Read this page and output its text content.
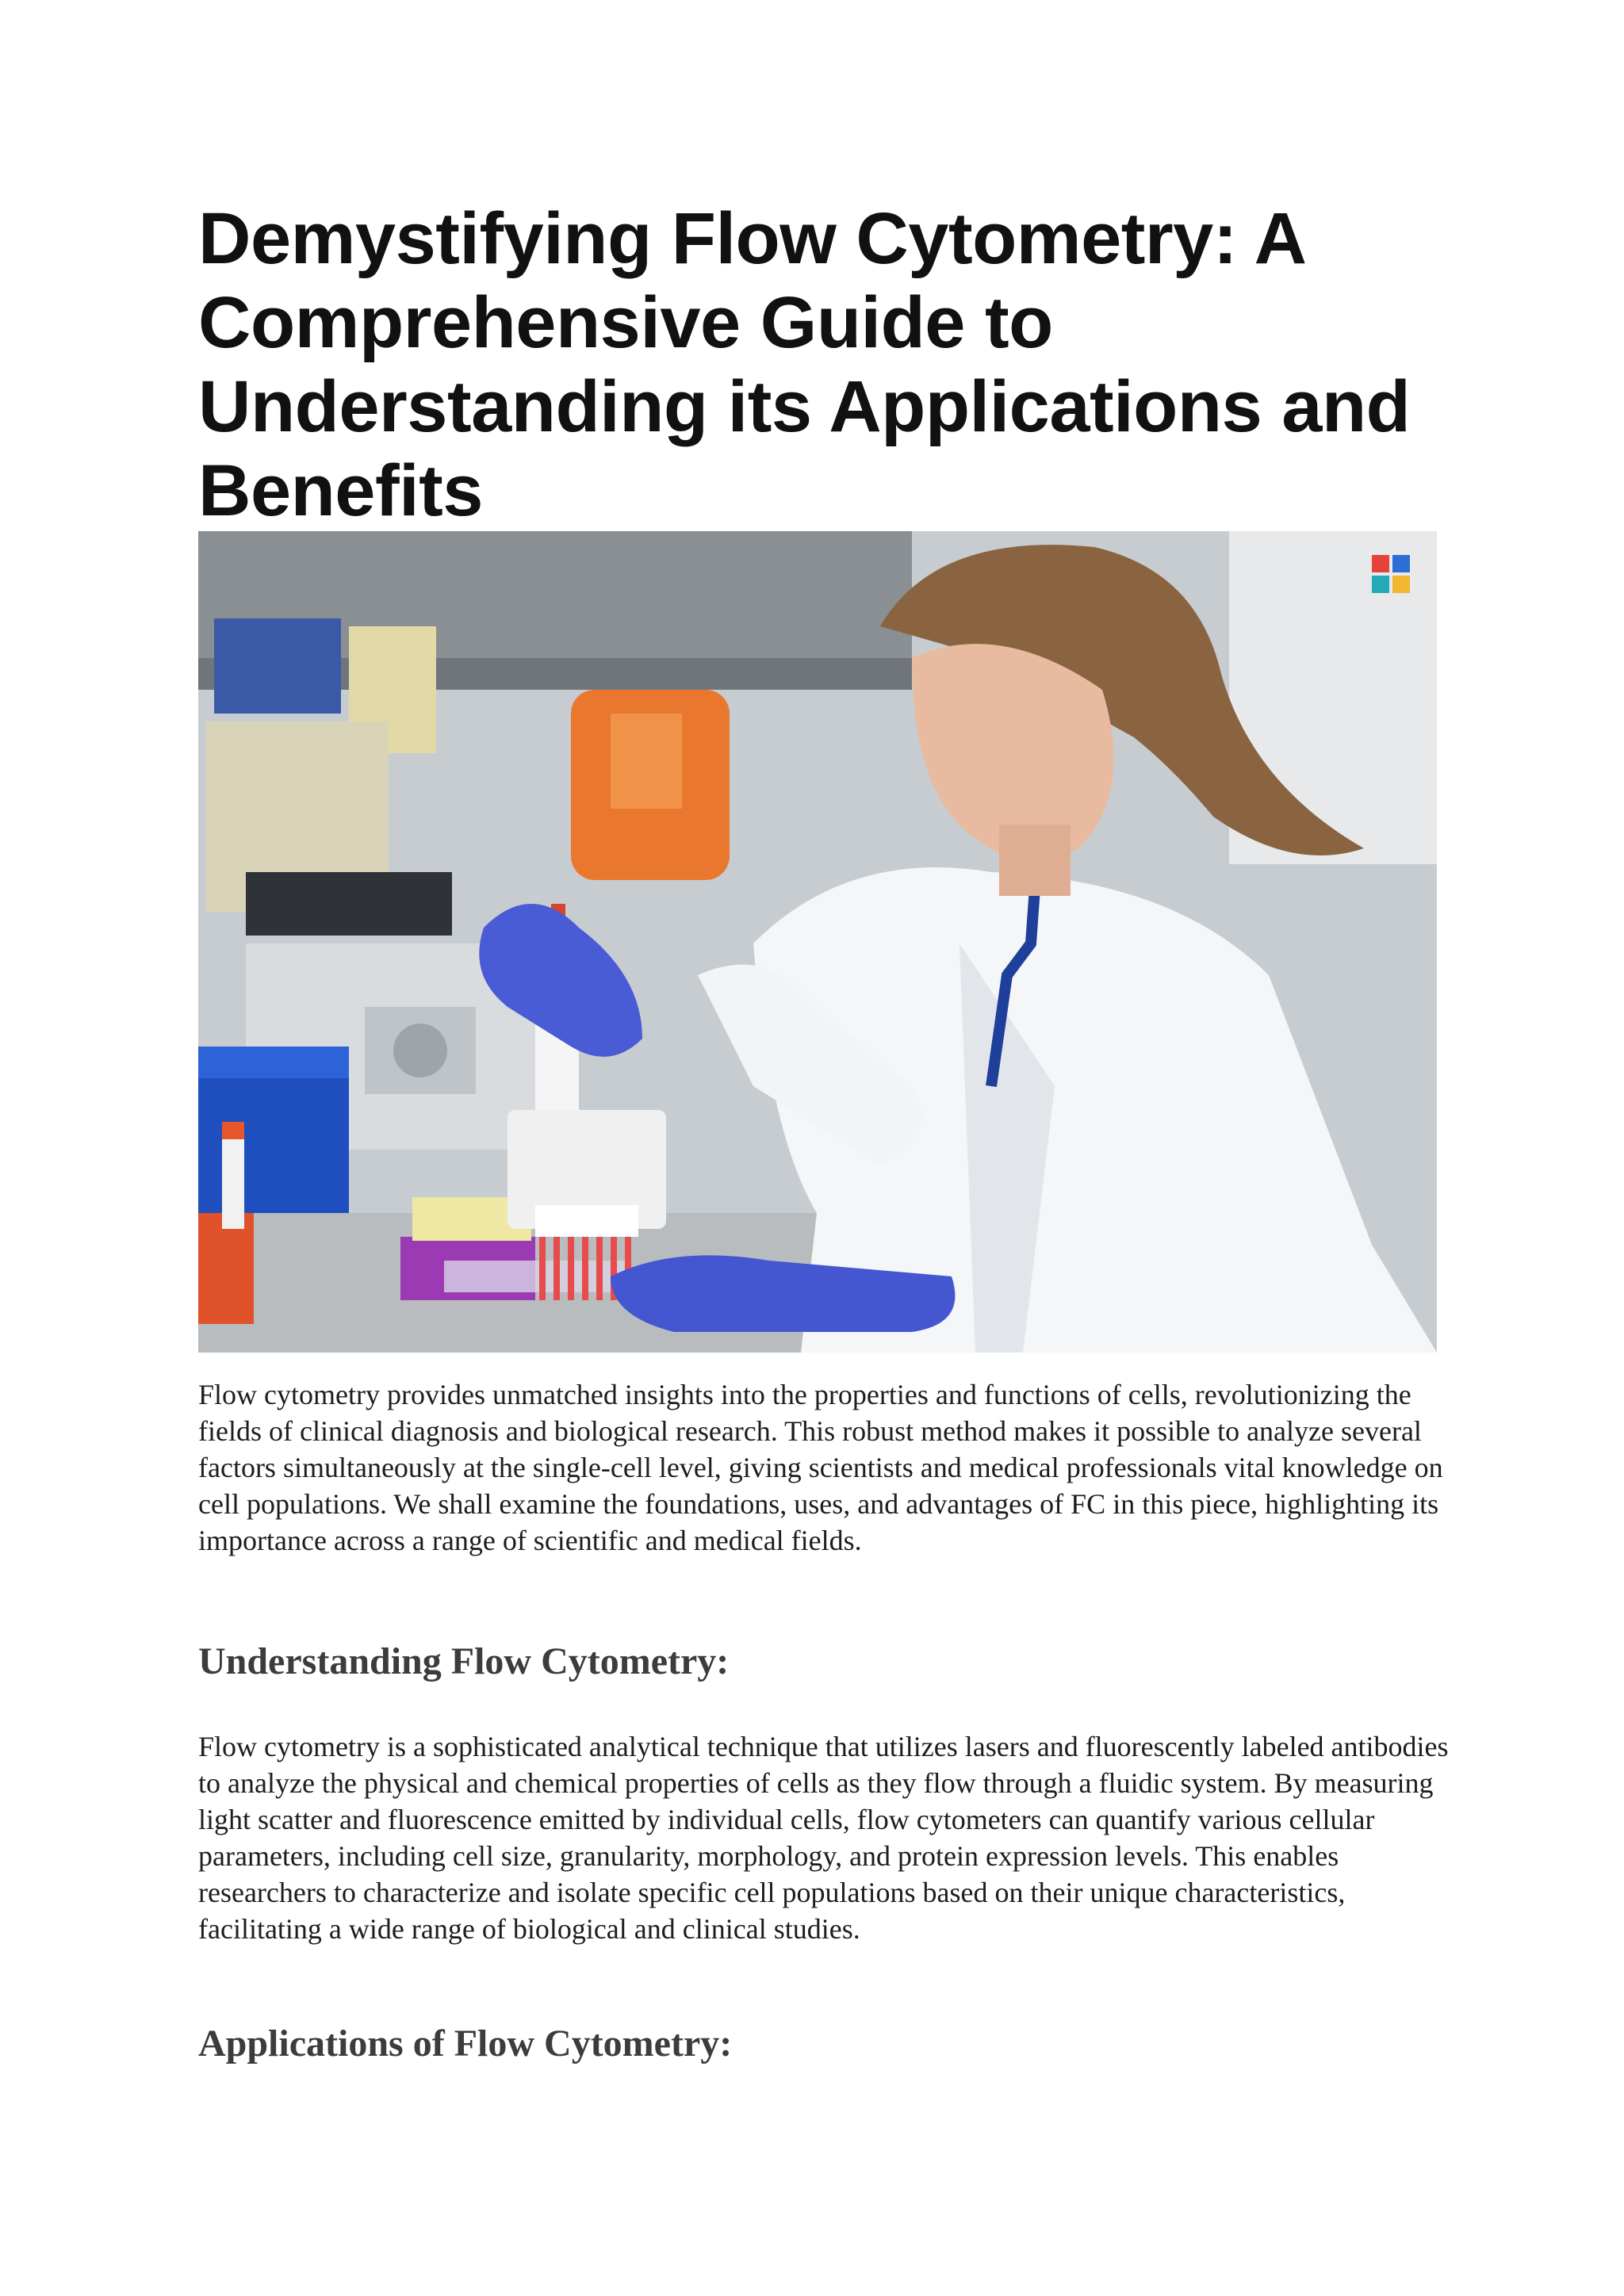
Demystifying Flow Cytometry: A Comprehensive Guide to Understanding its Applications and Benefits

Flow cytometry provides unmatched insights into the properties and functions of cells, revolutionizing the fields of clinical diagnosis and biological research. This robust method makes it possible to analyze several factors simultaneously at the single-cell level, giving scientists and medical professionals vital knowledge on cell populations. We shall examine the foundations, uses, and advantages of FC in this piece, highlighting its importance across a range of scientific and medical fields.

Understanding Flow Cytometry:

Flow cytometry is a sophisticated analytical technique that utilizes lasers and fluorescently labeled antibodies to analyze the physical and chemical properties of cells as they flow through a fluidic system. By measuring light scatter and fluorescence emitted by individual cells, flow cytometers can quantify various cellular parameters, including cell size, granularity, morphology, and protein expression levels. This enables researchers to characterize and isolate specific cell populations based on their unique characteristics, facilitating a wide range of biological and clinical studies.

Applications of Flow Cytometry:
